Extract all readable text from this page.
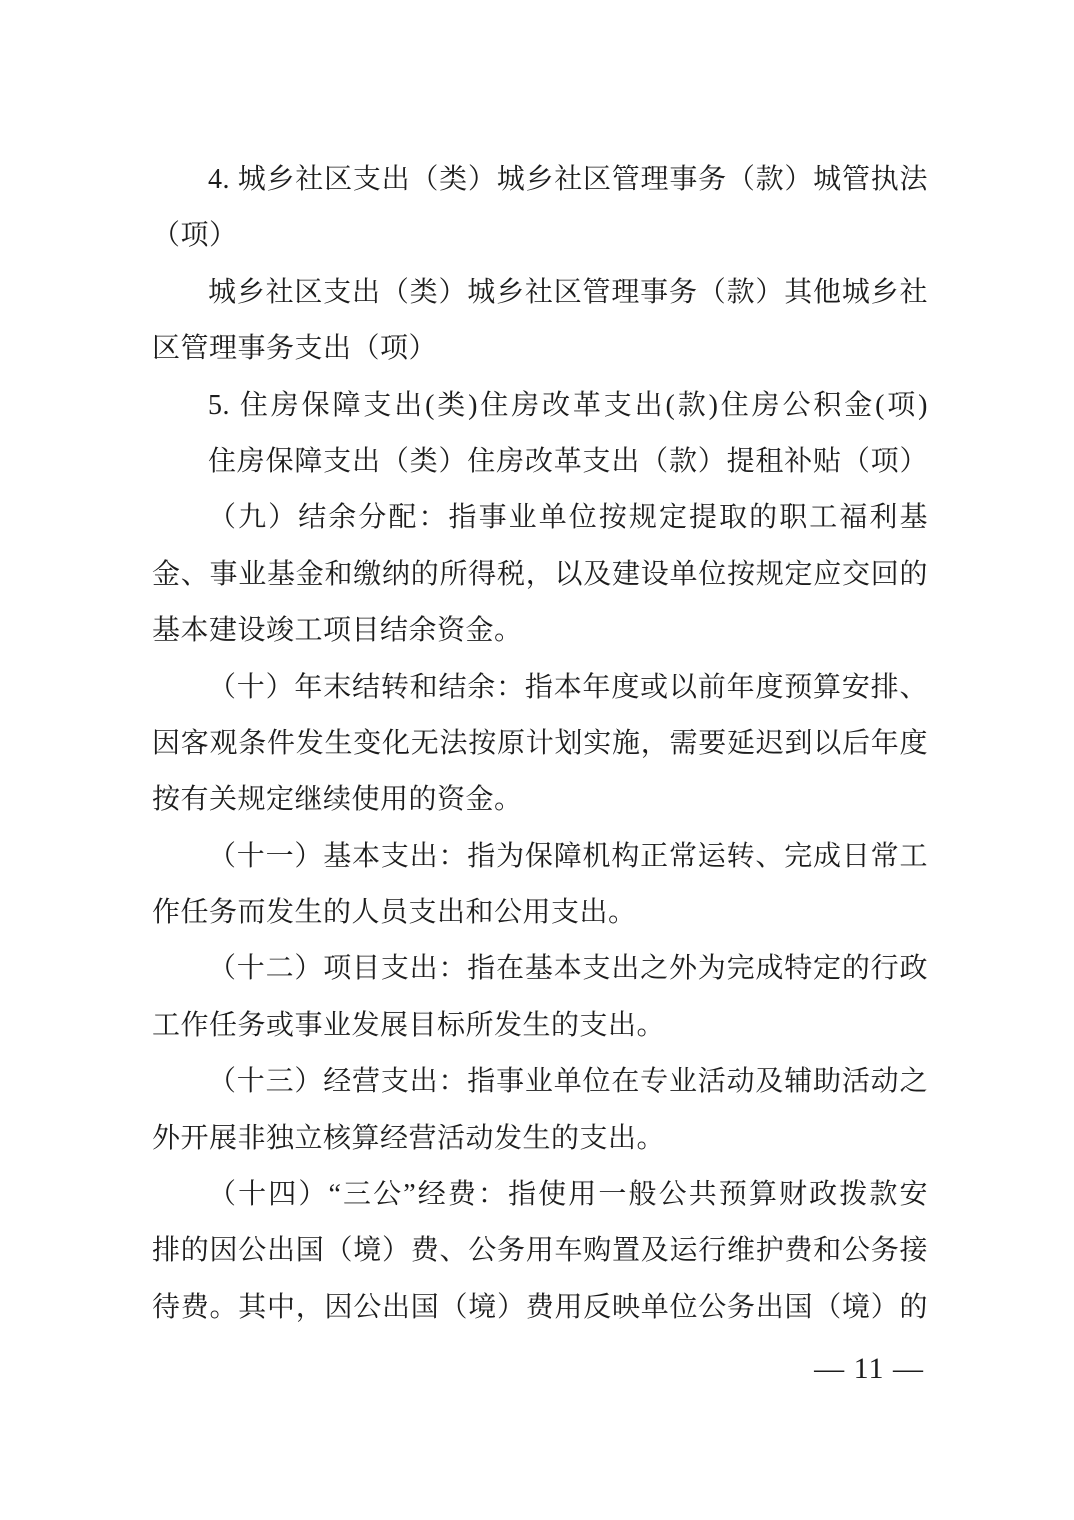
4. 城乡社区支出（类）城乡社区管理事务（款）城管执法
（项）
城乡社区支出（类）城乡社区管理事务（款）其他城乡社
区管理事务支出（项）
5. 住房保障支出(类)住房改革支出(款)住房公积金(项)
住房保障支出（类）住房改革支出（款）提租补贴（项）
（九）结余分配：指事业单位按规定提取的职工福利基
金、事业基金和缴纳的所得税，以及建设单位按规定应交回的
基本建设竣工项目结余资金。
（十）年末结转和结余：指本年度或以前年度预算安排、
因客观条件发生变化无法按原计划实施，需要延迟到以后年度
按有关规定继续使用的资金。
（十一）基本支出：指为保障机构正常运转、完成日常工
作任务而发生的人员支出和公用支出。
（十二）项目支出：指在基本支出之外为完成特定的行政
工作任务或事业发展目标所发生的支出。
（十三）经营支出：指事业单位在专业活动及辅助活动之
外开展非独立核算经营活动发生的支出。
（十四）“三公”经费：指使用一般公共预算财政拨款安
排的因公出国（境）费、公务用车购置及运行维护费和公务接
待费。其中，因公出国（境）费用反映单位公务出国（境）的
— 11 —
